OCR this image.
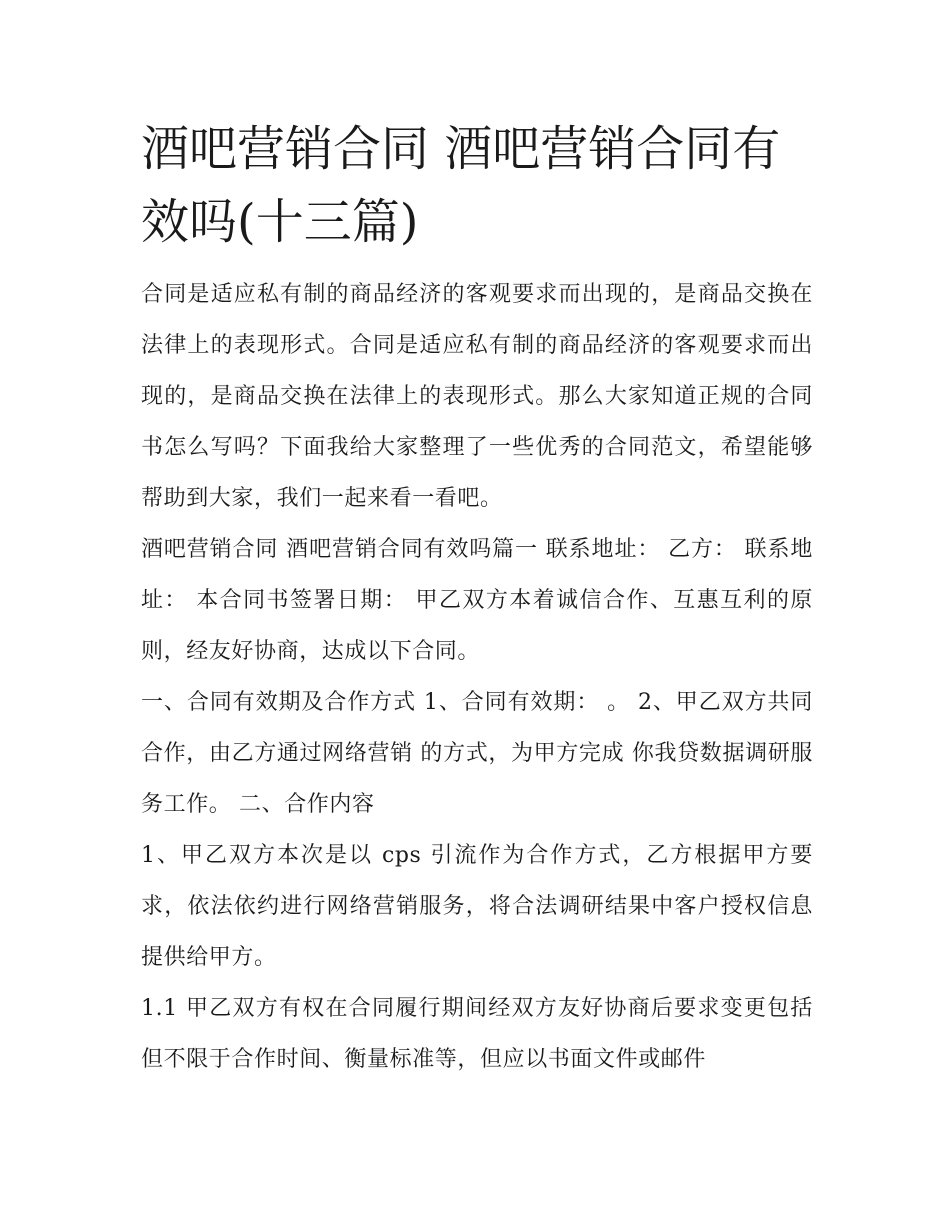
酒吧营销合同 酒吧营销合同有效吗(十三篇)

合同是适应私有制的商品经济的客观要求而出现的，是商品交换在法律上的表现形式。合同是适应私有制的商品经济的客观要求而出现的，是商品交换在法律上的表现形式。那么大家知道正规的合同书怎么写吗？下面我给大家整理了一些优秀的合同范文，希望能够帮助到大家，我们一起来看一看吧。

酒吧营销合同 酒吧营销合同有效吗篇一 联系地址： 乙方： 联系地址： 本合同书签署日期： 甲乙双方本着诚信合作、互惠互利的原则，经友好协商，达成以下合同。

一、合同有效期及合作方式 1、合同有效期： 。 2、甲乙双方共同合作，由乙方通过网络营销 的方式，为甲方完成 你我贷数据调研服务工作。 二、合作内容

1、甲乙双方本次是以 cps 引流作为合作方式，乙方根据甲方要求，依法依约进行网络营销服务，将合法调研结果中客户授权信息提供给甲方。

1.1 甲乙双方有权在合同履行期间经双方友好协商后要求变更包括但不限于合作时间、衡量标准等，但应以书面文件或邮件
